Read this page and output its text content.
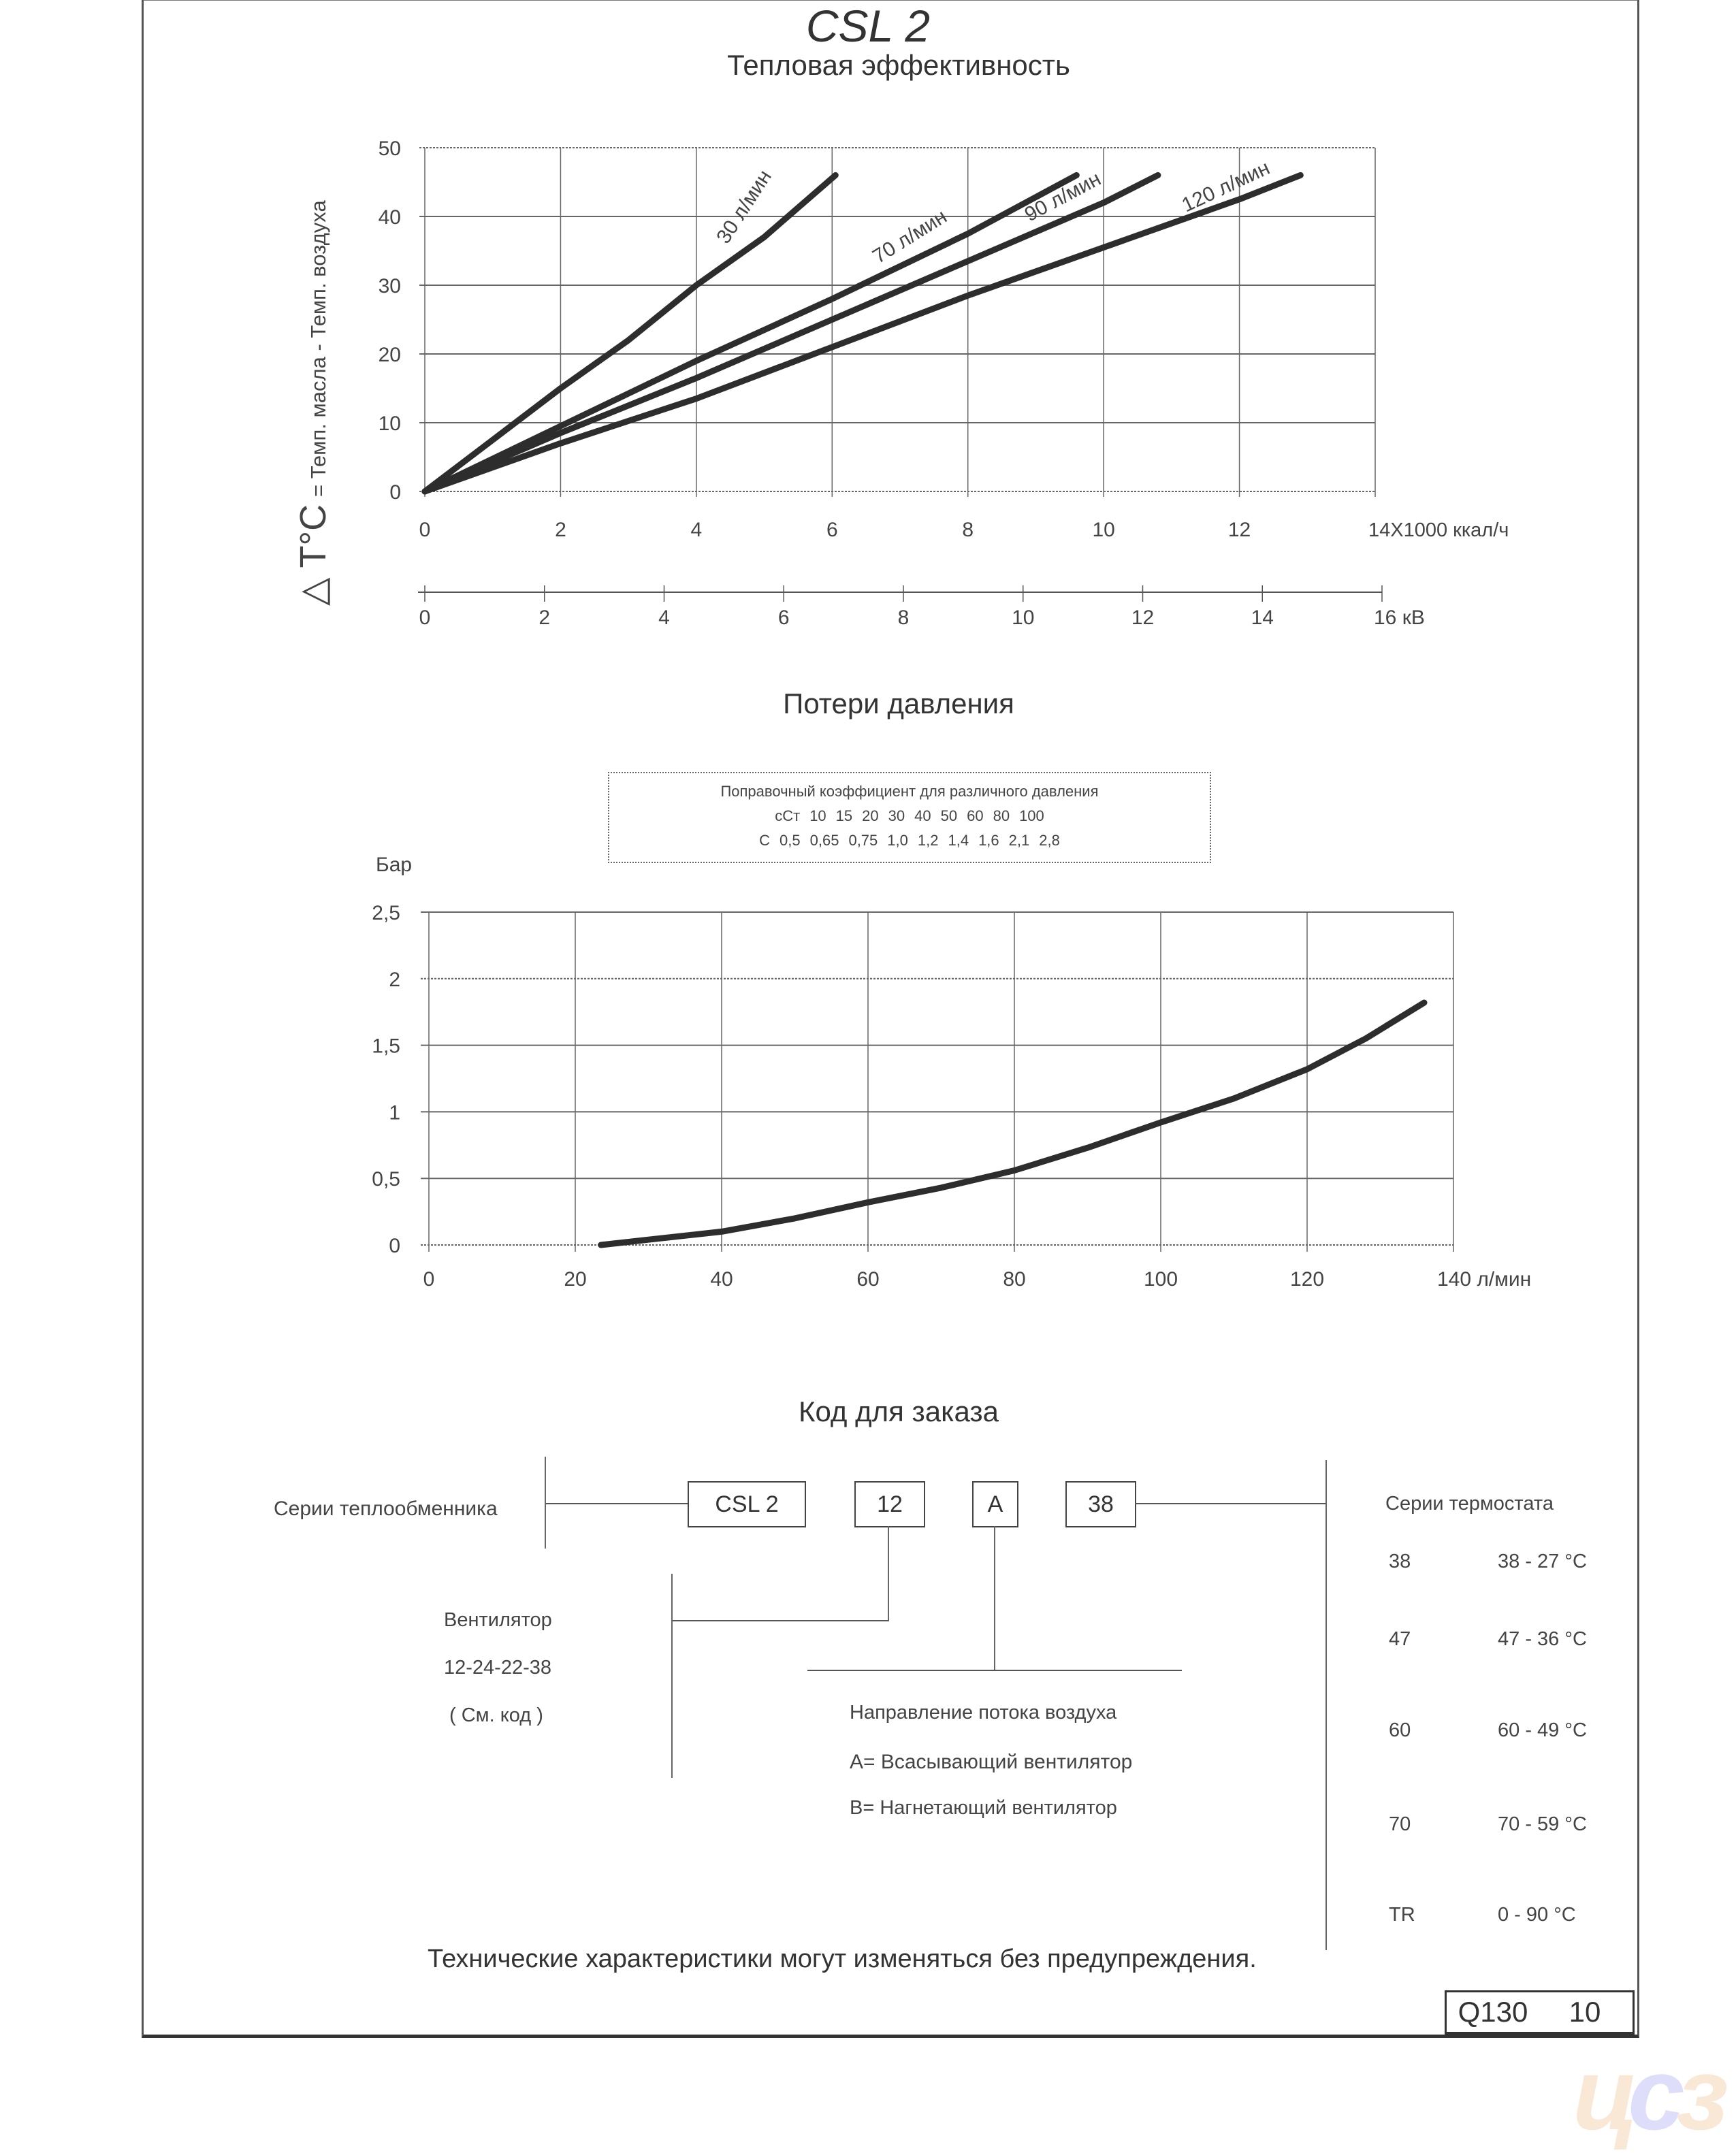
CSL 2
Тепловая эффективность
0
10
20
30
40
50
0	2	4	6	8	10	12	14X1000 ккал/ч
△ T°C
= Темп. масла - Темп. воздуха	30 л/мин	70 л/мин
90 л/мин	120 л/мин
0	2	4	6	8	10	12	14	16 кВ
Потери давления
Поправочный коэффициент для различного давления
cСт 10 15 20 30 40 50 60 80 100
C 0,5 0,65 0,75 1,0 1,2 1,4 1,6 2,1 2,8
Бар
0
0,5
1
1,5
2
2,5
0	20	40	60	80	100	120	140 л/мин
Код для заказа
Серии теплообменника	CSL 2	12	A	38
Вентилятор
12-24-22-38
( См. код )	Направление потока воздуха
A= Всасывающий вентилятор
B= Нагнетающий вентилятор
Серии термостата
38	38 - 27 °C
47	47 - 36 °C
60	60 - 49 °C
70	70 - 59 °C
TR	0 - 90 °C
Технические характеристики могут изменяться без предупреждения.
Q130	10
цсз
